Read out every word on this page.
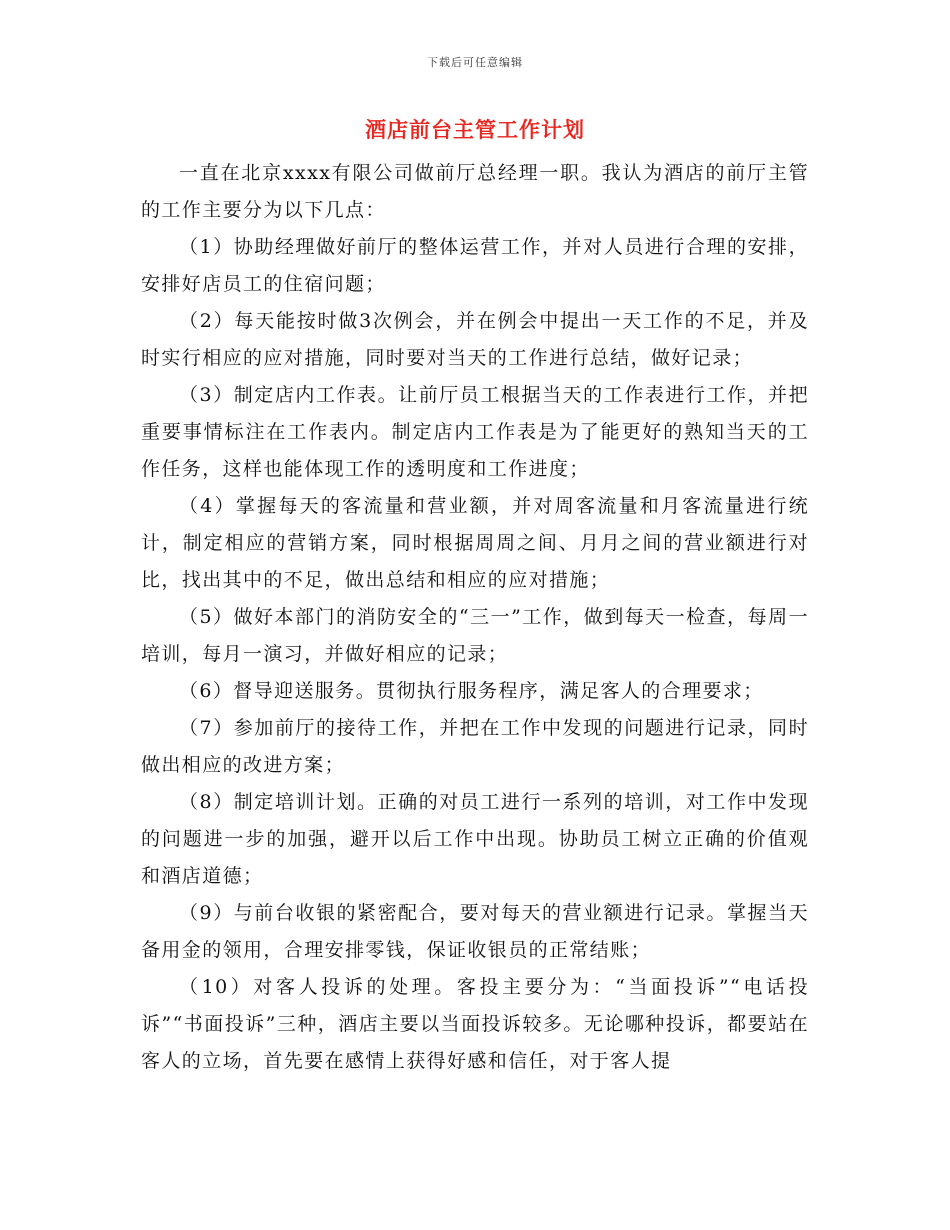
下载后可任意编辑
酒店前台主管工作计划

一直在北京xxxx有限公司做前厅总经理一职。我认为酒店的前厅主管的工作主要分为以下几点：

（1）协助经理做好前厅的整体运营工作，并对人员进行合理的安排，安排好店员工的住宿问题；

（2）每天能按时做3次例会，并在例会中提出一天工作的不足，并及时实行相应的应对措施，同时要对当天的工作进行总结，做好记录；

（3）制定店内工作表。让前厅员工根据当天的工作表进行工作，并把重要事情标注在工作表内。制定店内工作表是为了能更好的熟知当天的工作任务，这样也能体现工作的透明度和工作进度；

（4）掌握每天的客流量和营业额，并对周客流量和月客流量进行统计，制定相应的营销方案，同时根据周周之间、月月之间的营业额进行对比，找出其中的不足，做出总结和相应的应对措施；

（5）做好本部门的消防安全的“三一”工作，做到每天一检查，每周一培训，每月一演习，并做好相应的记录；

（6）督导迎送服务。贯彻执行服务程序，满足客人的合理要求；

（7）参加前厅的接待工作，并把在工作中发现的问题进行记录，同时做出相应的改进方案；

（8）制定培训计划。正确的对员工进行一系列的培训，对工作中发现的问题进一步的加强，避开以后工作中出现。协助员工树立正确的价值观和酒店道德；

（9）与前台收银的紧密配合，要对每天的营业额进行记录。掌握当天备用金的领用，合理安排零钱，保证收银员的正常结账；

（10）对客人投诉的处理。客投主要分为：“当面投诉”“电话投诉”“书面投诉”三种，酒店主要以当面投诉较多。无论哪种投诉，都要站在客人的立场，首先要在感情上获得好感和信任，对于客人提
